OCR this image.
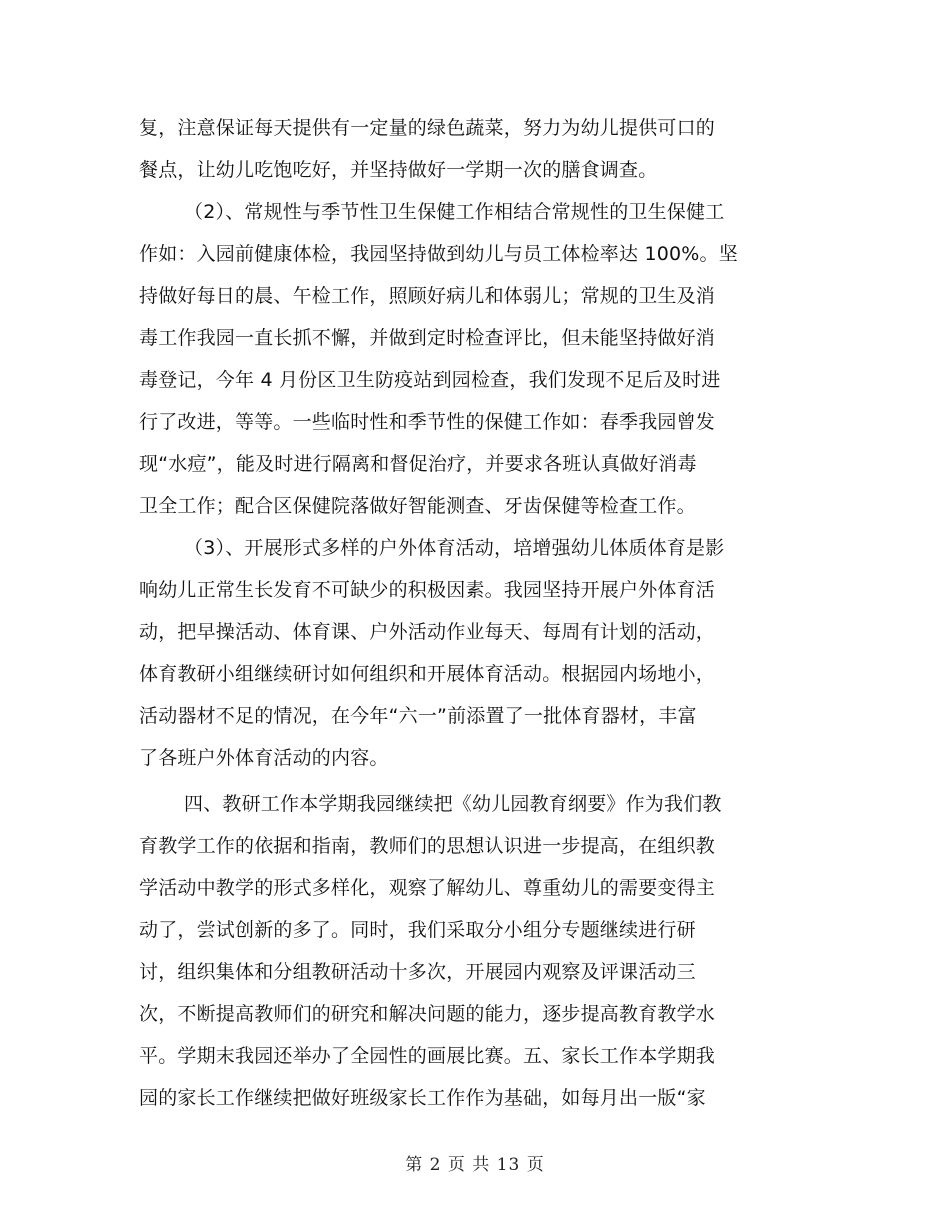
复，注意保证每天提供有一定量的绿色蔬菜，努力为幼儿提供可口的
餐点，让幼儿吃饱吃好，并坚持做好一学期一次的膳食调查。
（2）、常规性与季节性卫生保健工作相结合常规性的卫生保健工
作如：入园前健康体检，我园坚持做到幼儿与员工体检率达 100%。坚
持做好每日的晨、午检工作，照顾好病儿和体弱儿；常规的卫生及消
毒工作我园一直长抓不懈，并做到定时检查评比，但未能坚持做好消
毒登记，今年 4 月份区卫生防疫站到园检查，我们发现不足后及时进
行了改进，等等。一些临时性和季节性的保健工作如：春季我园曾发
现“水痘”，能及时进行隔离和督促治疗，并要求各班认真做好消毒
卫全工作；配合区保健院落做好智能测查、牙齿保健等检查工作。
（3）、开展形式多样的户外体育活动，培增强幼儿体质体育是影
响幼儿正常生长发育不可缺少的积极因素。我园坚持开展户外体育活
动，把早操活动、体育课、户外活动作业每天、每周有计划的活动，
体育教研小组继续研讨如何组织和开展体育活动。根据园内场地小，
活动器材不足的情况，在今年“六一”前添置了一批体育器材，丰富
了各班户外体育活动的内容。
四、教研工作本学期我园继续把《幼儿园教育纲要》作为我们教
育教学工作的依据和指南，教师们的思想认识进一步提高，在组织教
学活动中教学的形式多样化，观察了解幼儿、尊重幼儿的需要变得主
动了，尝试创新的多了。同时，我们采取分小组分专题继续进行研
讨，组织集体和分组教研活动十多次，开展园内观察及评课活动三
次，不断提高教师们的研究和解决问题的能力，逐步提高教育教学水
平。学期末我园还举办了全园性的画展比赛。五、家长工作本学期我
园的家长工作继续把做好班级家长工作作为基础，如每月出一版“家
第 2 页 共 13 页
